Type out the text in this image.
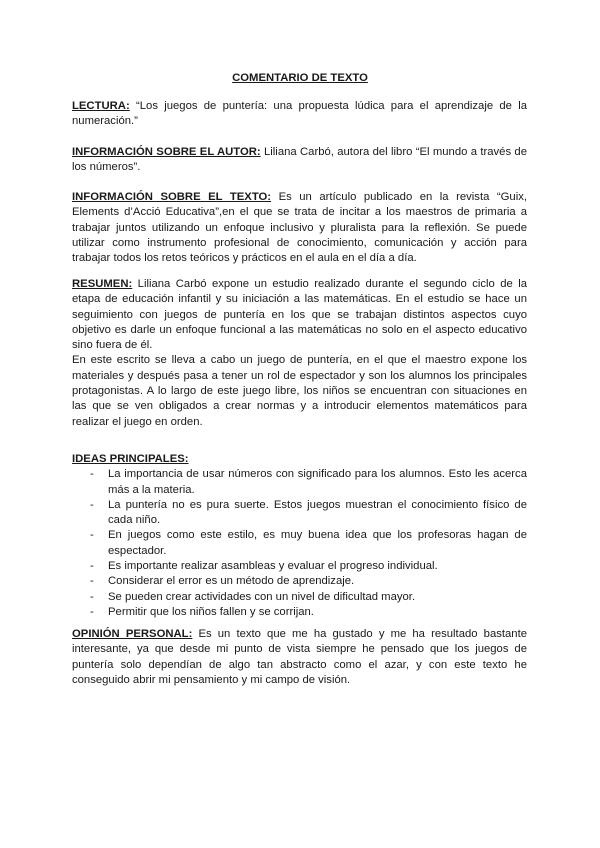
COMENTARIO DE TEXTO

LECTURA: “Los juegos de puntería: una propuesta lúdica para el aprendizaje de la numeración.”

INFORMACIÓN SOBRE EL AUTOR: Liliana Carbó, autora del libro “El mundo a través de los números”.

INFORMACIÓN SOBRE EL TEXTO: Es un artículo publicado en la revista “Guix, Elements d’Acció Educativa”,en el que se trata de incitar a los maestros de primaria a trabajar juntos utilizando un enfoque inclusivo y pluralista para la reflexión. Se puede utilizar como instrumento profesional de conocimiento, comunicación y acción para trabajar todos los retos teóricos y prácticos en el aula en el día a día.

RESUMEN: Liliana Carbó expone un estudio realizado durante el segundo ciclo de la etapa de educación infantil y su iniciación a las matemáticas. En el estudio se hace un seguimiento con juegos de puntería en los que se trabajan distintos aspectos cuyo objetivo es darle un enfoque funcional a las matemáticas no solo en el aspecto educativo sino fuera de él.

En este escrito se lleva a cabo un juego de puntería, en el que el maestro expone los materiales y después pasa a tener un rol de espectador y son los alumnos los principales protagonistas. A lo largo de este juego libre, los niños se encuentran con situaciones en las que se ven obligados a crear normas y a introducir elementos matemáticos para realizar el juego en orden.

IDEAS PRINCIPALES:
- La importancia de usar números con significado para los alumnos. Esto les acerca más a la materia.
- La puntería no es pura suerte. Estos juegos muestran el conocimiento físico de cada niño.
- En juegos como este estilo, es muy buena idea que los profesoras hagan de espectador.
- Es importante realizar asambleas y evaluar el progreso individual.
- Considerar el error es un método de aprendizaje.
- Se pueden crear actividades con un nivel de dificultad mayor.
- Permitir que los niños fallen y se corrijan.

OPINIÓN PERSONAL: Es un texto que me ha gustado y me ha resultado bastante interesante, ya que desde mi punto de vista siempre he pensado que los juegos de puntería solo dependían de algo tan abstracto como el azar, y con este texto he conseguido abrir mi pensamiento y mi campo de visión.
